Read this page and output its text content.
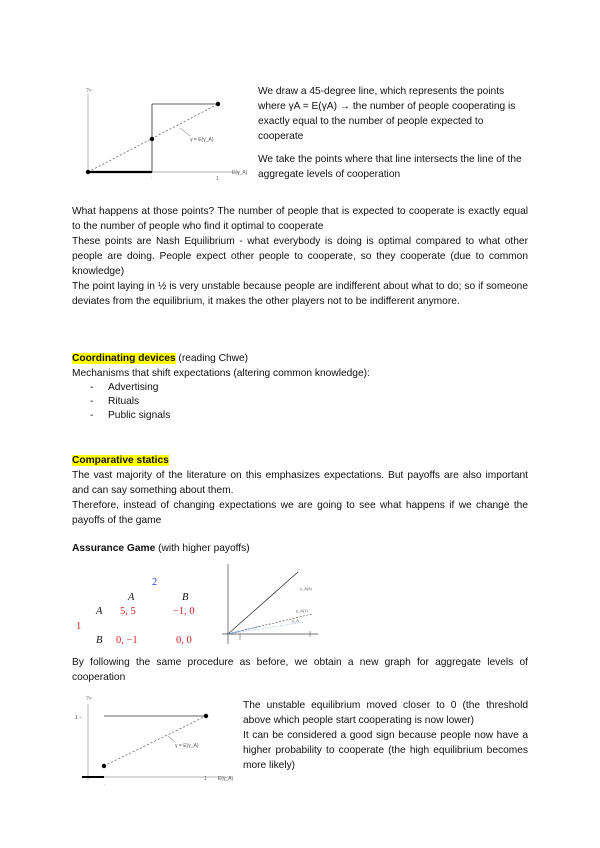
?>
γ = E(γ_A)
·	1
E(γ_A)

We draw a 45-degree line, which represents the points where γA = E(γA) → the number of people cooperating is exactly equal to the number of people expected to cooperate

We take the points where that line intersects the line of the aggregate levels of cooperation

What happens at those points? The number of people that is expected to cooperate is exactly equal to the number of people who find it optimal to cooperate

These points are Nash Equilibrium - what everybody is doing is optimal compared to what other people are doing. People expect other people to cooperate, so they cooperate (due to common knowledge)

The point laying in ½ is very unstable because people are indifferent about what to do; so if someone deviates from the equilibrium, it makes the other players not to be indifferent anymore.

Coordinating devices (reading Chwe)

Mechanisms that shift expectations (altering common knowledge):

- Advertising
- Rituals
- Public signals

Comparative statics

The vast majority of the literature on this emphasizes expectations. But payoffs are also important and can say something about them.

Therefore, instead of changing expectations we are going to see what happens if we change the payoffs of the game

Assurance Game (with higher payoffs)
2
A	B
A 5, 5	−1, 0
1
B 0, −1	0, 0
γ_A(5)
γ_A(1)
γ_A

By following the same procedure as before, we obtain a new graph for aggregate levels of cooperation

?>
1 −
γ = E(γ_A)
·
1 E(γ_A)

The unstable equilibrium moved closer to 0 (the threshold above which people start cooperating is now lower)

It can be considered a good sign because people now have a higher probability to cooperate (the high equilibrium becomes more likely)
